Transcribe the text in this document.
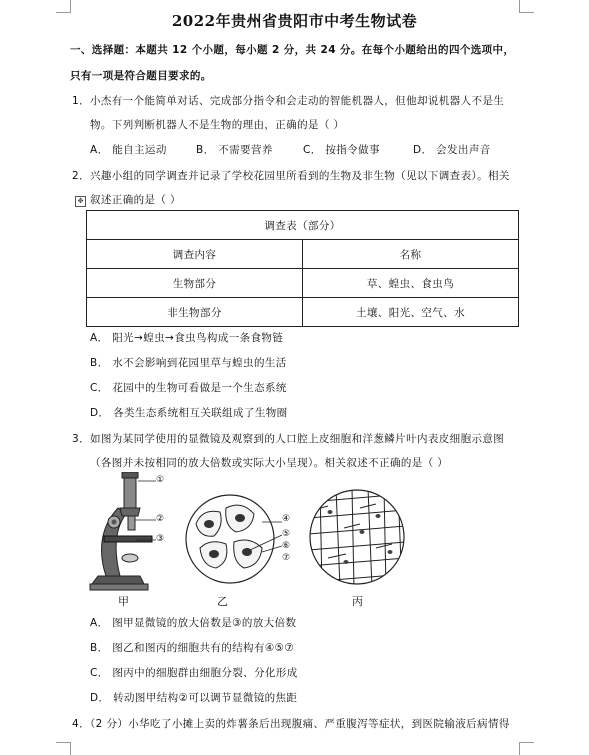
2022年贵州省贵阳市中考生物试卷
一、选择题：本题共 12 个小题，每小题 2 分，共 24 分。在每个小题给出的四个选项中，
只有一项是符合题目要求的。
1．小杰有一个能简单对话、完成部分指令和会走动的智能机器人，但他却说机器人不是生
物。下列判断机器人不是生物的理由，正确的是（ ）
A． 能自主运动	B． 不需要营养	C． 按指令做事	D． 会发出声音
2．兴趣小组的同学调查并记录了学校花园里所看到的生物及非生物（见以下调查表）。相关
✥ 叙述正确的是（ ）
调查表（部分）	
调查内容	名称
生物部分	草、蝗虫、食虫鸟
非生物部分	土壤、阳光、空气、水
A． 阳光→蝗虫→食虫鸟构成一条食物链
B． 水不会影响到花园里草与蝗虫的生活
C． 花园中的生物可看做是一个生态系统
D． 各类生态系统相互关联组成了生物圈
3．如图为某同学使用的显微镜及观察到的人口腔上皮细胞和洋葱鳞片叶内表皮细胞示意图
（各图并未按相同的放大倍数或实际大小呈现）。相关叙述不正确的是（ ）
①
②
③
④
⑤
⑥
⑦
甲	乙	丙
A． 图甲显微镜的放大倍数是③的放大倍数
B． 图乙和图丙的细胞共有的结构有④⑤⑦
C． 图丙中的细胞群由细胞分裂、分化形成
D． 转动图甲结构②可以调节显微镜的焦距
4．（2 分）小华吃了小摊上卖的炸薯条后出现腹痛、严重腹泻等症状，到医院输液后病情得
